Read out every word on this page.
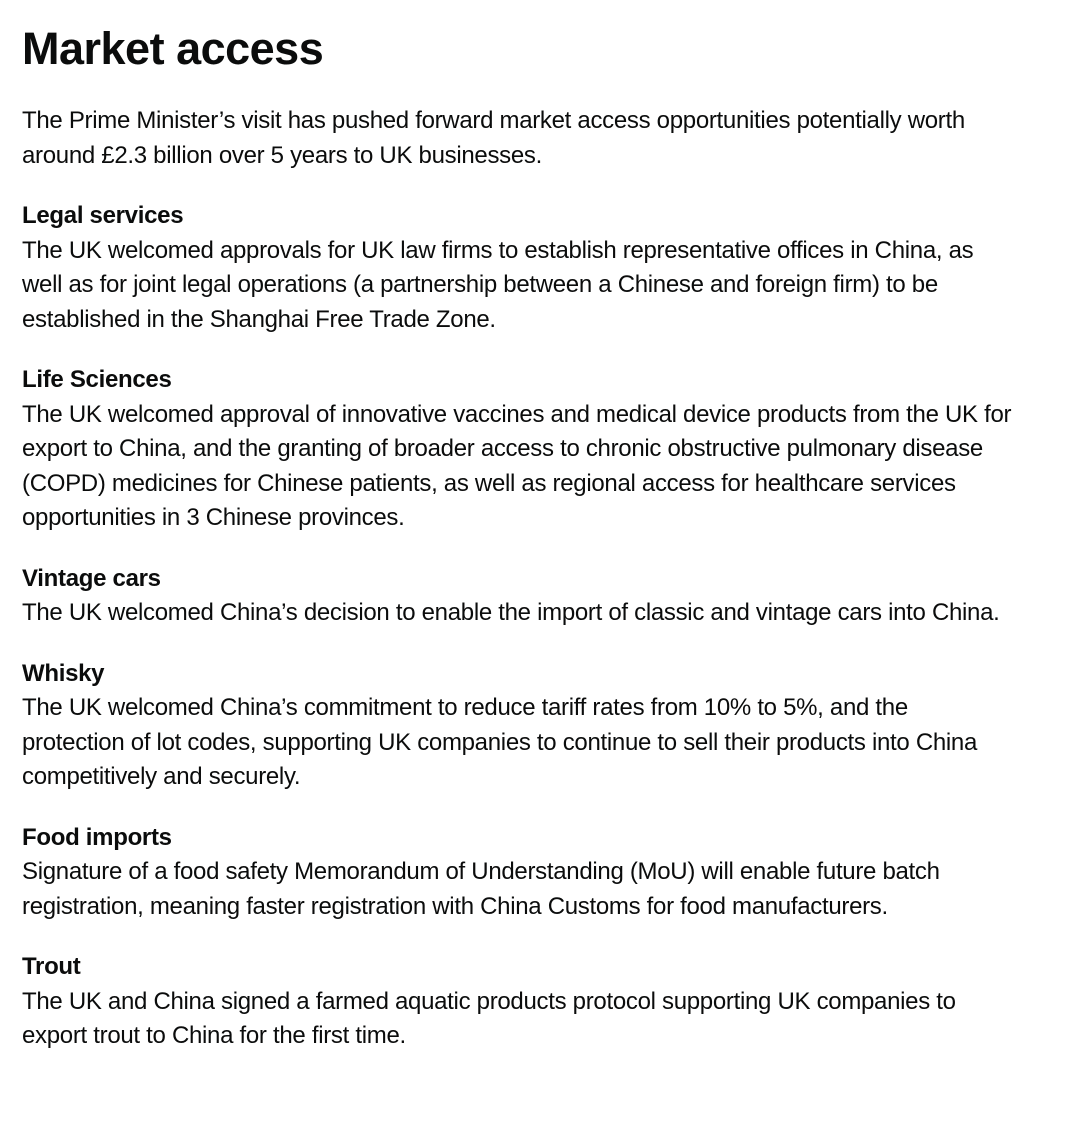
Market access

The Prime Minister’s visit has pushed forward market access opportunities potentially worth around £2.3 billion over 5 years to UK businesses.

Legal services

The UK welcomed approvals for UK law firms to establish representative offices in China, as well as for joint legal operations (a partnership between a Chinese and foreign firm) to be established in the Shanghai Free Trade Zone.

Life Sciences

The UK welcomed approval of innovative vaccines and medical device products from the UK for export to China, and the granting of broader access to chronic obstructive pulmonary disease (COPD) medicines for Chinese patients, as well as regional access for healthcare services opportunities in 3 Chinese provinces.

Vintage cars

The UK welcomed China’s decision to enable the import of classic and vintage cars into China.

Whisky

The UK welcomed China’s commitment to reduce tariff rates from 10% to 5%, and the protection of lot codes, supporting UK companies to continue to sell their products into China competitively and securely.

Food imports

Signature of a food safety Memorandum of Understanding (MoU) will enable future batch registration, meaning faster registration with China Customs for food manufacturers.

Trout

The UK and China signed a farmed aquatic products protocol supporting UK companies to export trout to China for the first time.
